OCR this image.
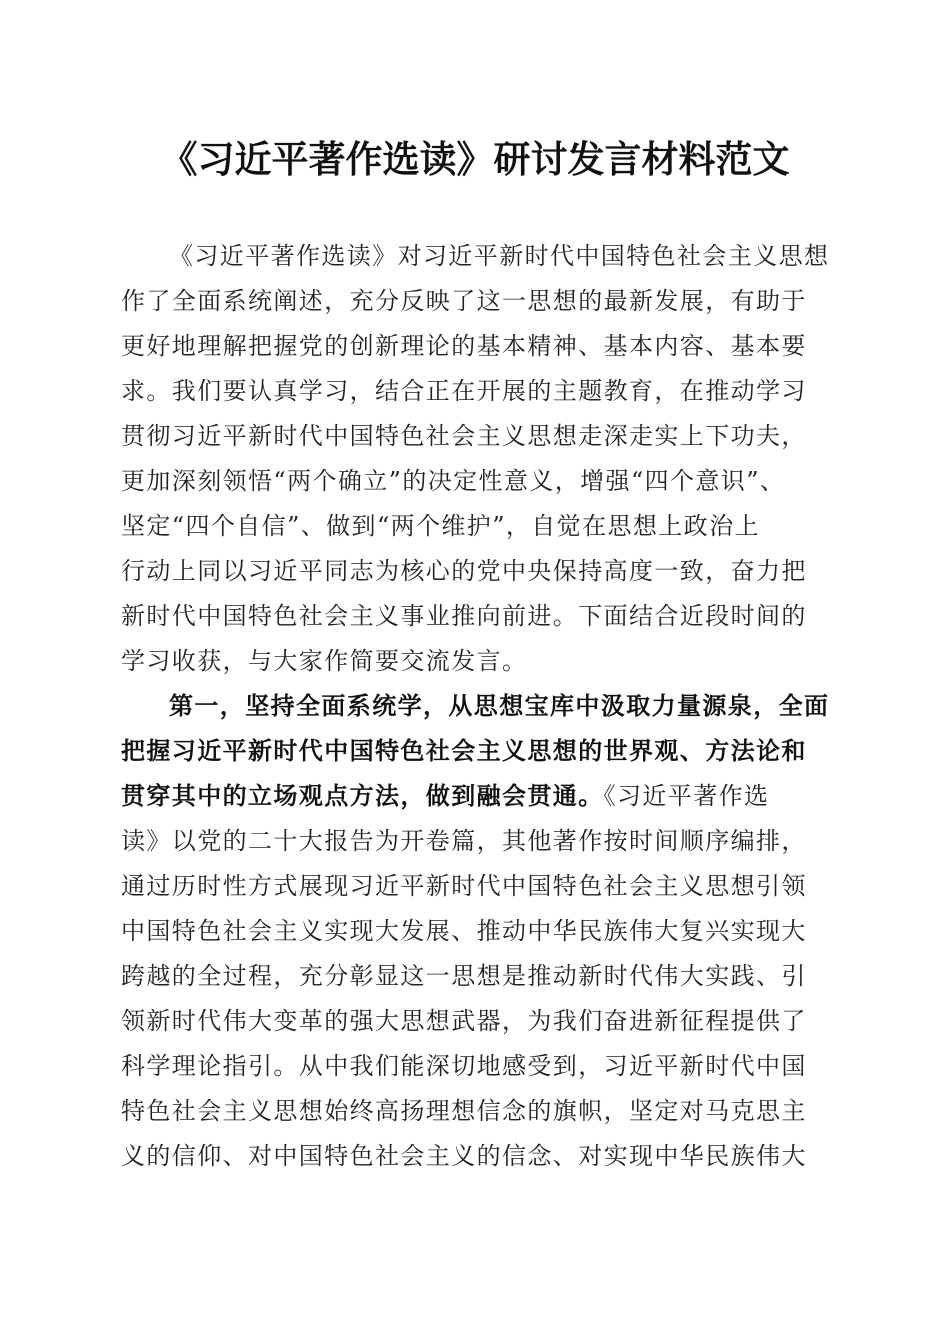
《习近平著作选读》研讨发言材料范文
《习近平著作选读》对习近平新时代中国特色社会主义思想
作了全面系统阐述，充分反映了这一思想的最新发展，有助于
更好地理解把握党的创新理论的基本精神、基本内容、基本要
求。我们要认真学习，结合正在开展的主题教育，在推动学习
贯彻习近平新时代中国特色社会主义思想走深走实上下功夫，
更加深刻领悟“两个确立”的决定性意义，增强“四个意识”、
坚定“四个自信”、做到“两个维护”，自觉在思想上政治上
行动上同以习近平同志为核心的党中央保持高度一致，奋力把
新时代中国特色社会主义事业推向前进。下面结合近段时间的
学习收获，与大家作简要交流发言。
第一，坚持全面系统学，从思想宝库中汲取力量源泉，全面
把握习近平新时代中国特色社会主义思想的世界观、方法论和
贯穿其中的立场观点方法，做到融会贯通。《习近平著作选
读》以党的二十大报告为开卷篇，其他著作按时间顺序编排，
通过历时性方式展现习近平新时代中国特色社会主义思想引领
中国特色社会主义实现大发展、推动中华民族伟大复兴实现大
跨越的全过程，充分彰显这一思想是推动新时代伟大实践、引
领新时代伟大变革的强大思想武器，为我们奋进新征程提供了
科学理论指引。从中我们能深切地感受到，习近平新时代中国
特色社会主义思想始终高扬理想信念的旗帜，坚定对马克思主
义的信仰、对中国特色社会主义的信念、对实现中华民族伟大
